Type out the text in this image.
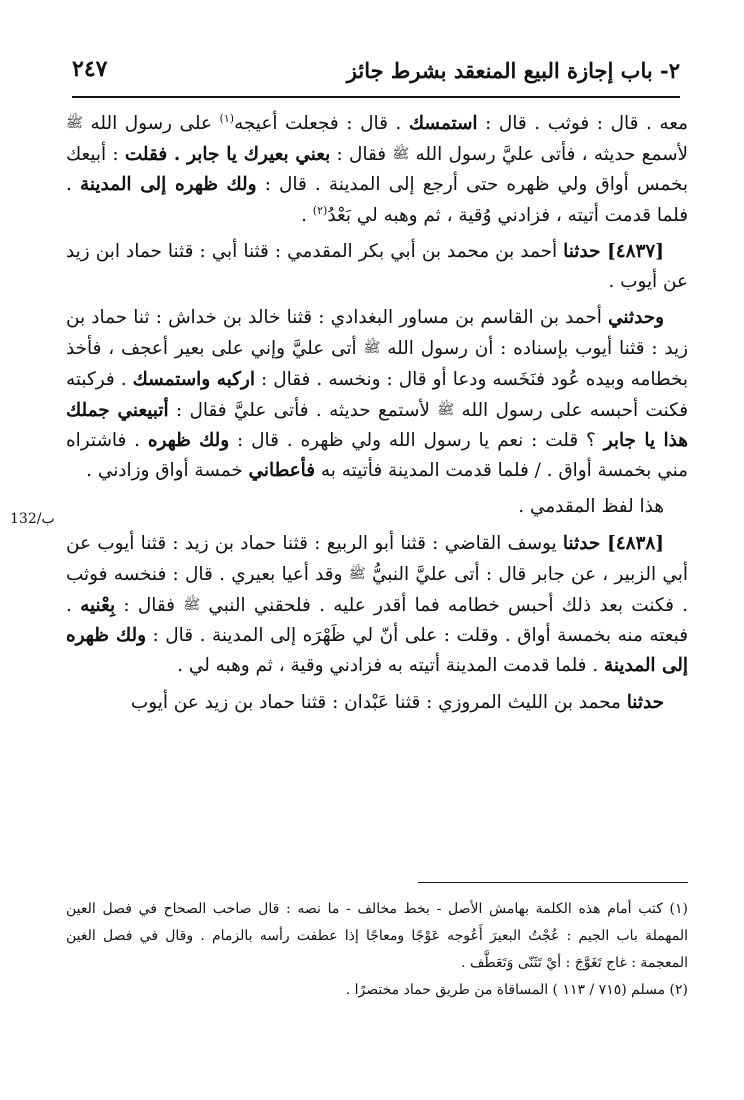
٢- باب إجازة البيع المنعقد بشرط جائز
٢٤٧

معه . قال : فوثب . قال : استمسك . قال : فجعلت أعيجه$^{(١)}$ على رسول الله ﷺ لأسمع حديثه ، فأتى عليَّ رسول الله ﷺ فقال : بعني بعيرك يا جابر . فقلت : أبيعك بخمس أواق ولي ظهره حتى أرجع إلى المدينة . قال : ولك ظهره إلى المدينة . فلما قدمت أتيته ، فزادني وُقية ، ثم وهبه لي بَعْدُ$^{(٢)}$ .

[٤٨٣٧] حدثنا أحمد بن محمد بن أبي بكر المقدمي : قثنا أبي : قثنا حماد ابن زيد عن أيوب .

وحدثني أحمد بن القاسم بن مساور البغدادي : قثنا خالد بن خداش : ثنا حماد بن زيد : قثنا أيوب بإسناده : أن رسول الله ﷺ أتى عليَّ وإني على بعير أعجف ، فأخذ بخطامه وبيده عُود فنَخَسه ودعا أو قال : ونخسه . فقال : اركبه واستمسك . فركبته فكنت أحبسه على رسول الله ﷺ لأستمع حديثه . فأتى عليَّ فقال : أتبيعني جملك هذا يا جابر ؟ قلت : نعم يا رسول الله ولي ظهره . قال : ولك ظهره . فاشتراه مني بخمسة أواق . / فلما قدمت المدينة فأتيته به فأعطاني خمسة أواق وزادني .

هذا لفظ المقدمي .

[٤٨٣٨] حدثنا يوسف القاضي : قثنا أبو الربيع : قثنا حماد بن زيد : قثنا أيوب عن أبي الزبير ، عن جابر قال : أتى عليَّ النبيُّ ﷺ وقد أعيا بعيري . قال : فنخسه فوثب . فكنت بعد ذلك أحبس خطامه فما أقدر عليه . فلحقني النبي ﷺ فقال : بِعْنيه . فبعته منه بخمسة أواق . وقلت : على أنّ لي ظَهْرَه إلى المدينة . قال : ولك ظهره إلى المدينة . فلما قدمت المدينة أتيته به فزادني وقية ، ثم وهبه لي .

حدثنا محمد بن الليث المروزي : قثنا عَبْدان : قثنا حماد بن زيد عن أيوب

132/ب

(١) كتب أمام هذه الكلمة بهامش الأصل - بخط مخالف - ما نصه : قال صاحب الصحاح في فصل العين المهملة باب الجيم : عُجْتُ البعيرَ أَعُوجه عَوْجًا ومعاجًا إذا عطفت رأسه بالزمام . وقال في فصل الغين المعجمة : غاج تَغَوَّجَ : أيْ تَثَنّى وَتَعَطَّف .

(٢) مسلم (٧١٥ / ١١٣ ) المساقاة من طريق حماد مختصرًا .
